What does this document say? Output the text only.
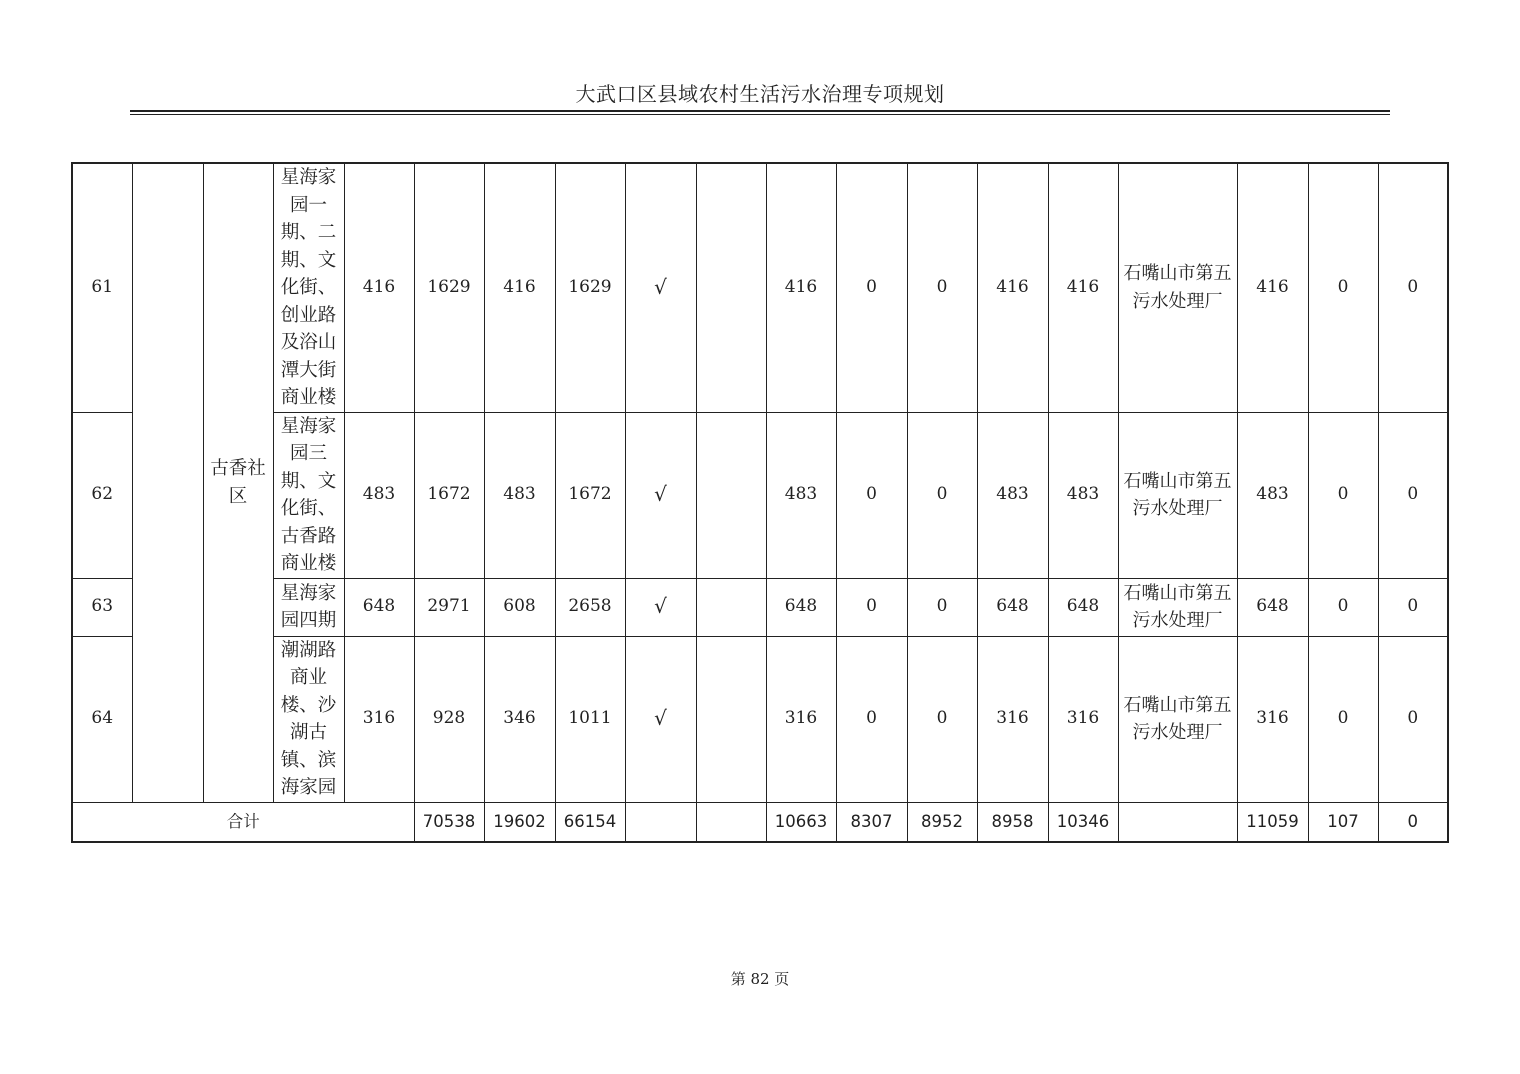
大武口区县域农村生活污水治理专项规划
61		古香社区	星海家园一期、二期、文化街、创业路及浴山潭大街商业楼	416	1629	416	1629	√		416	0	0	416	416	石嘴山市第五污水处理厂	416	0	0
62			星海家园三期、文化街、古香路商业楼	483	1672	483	1672	√		483	0	0	483	483	石嘴山市第五污水处理厂	483	0	0
63			星海家园四期	648	2971	608	2658	√		648	0	0	648	648	石嘴山市第五污水处理厂	648	0	0
64			潮湖路商业楼、沙湖古镇、滨海家园	316	928	346	1011	√		316	0	0	316	316	石嘴山市第五污水处理厂	316	0	0
合计					70538	19602	66154			10663	8307	8952	8958	10346		11059	107	0
第 82 页
